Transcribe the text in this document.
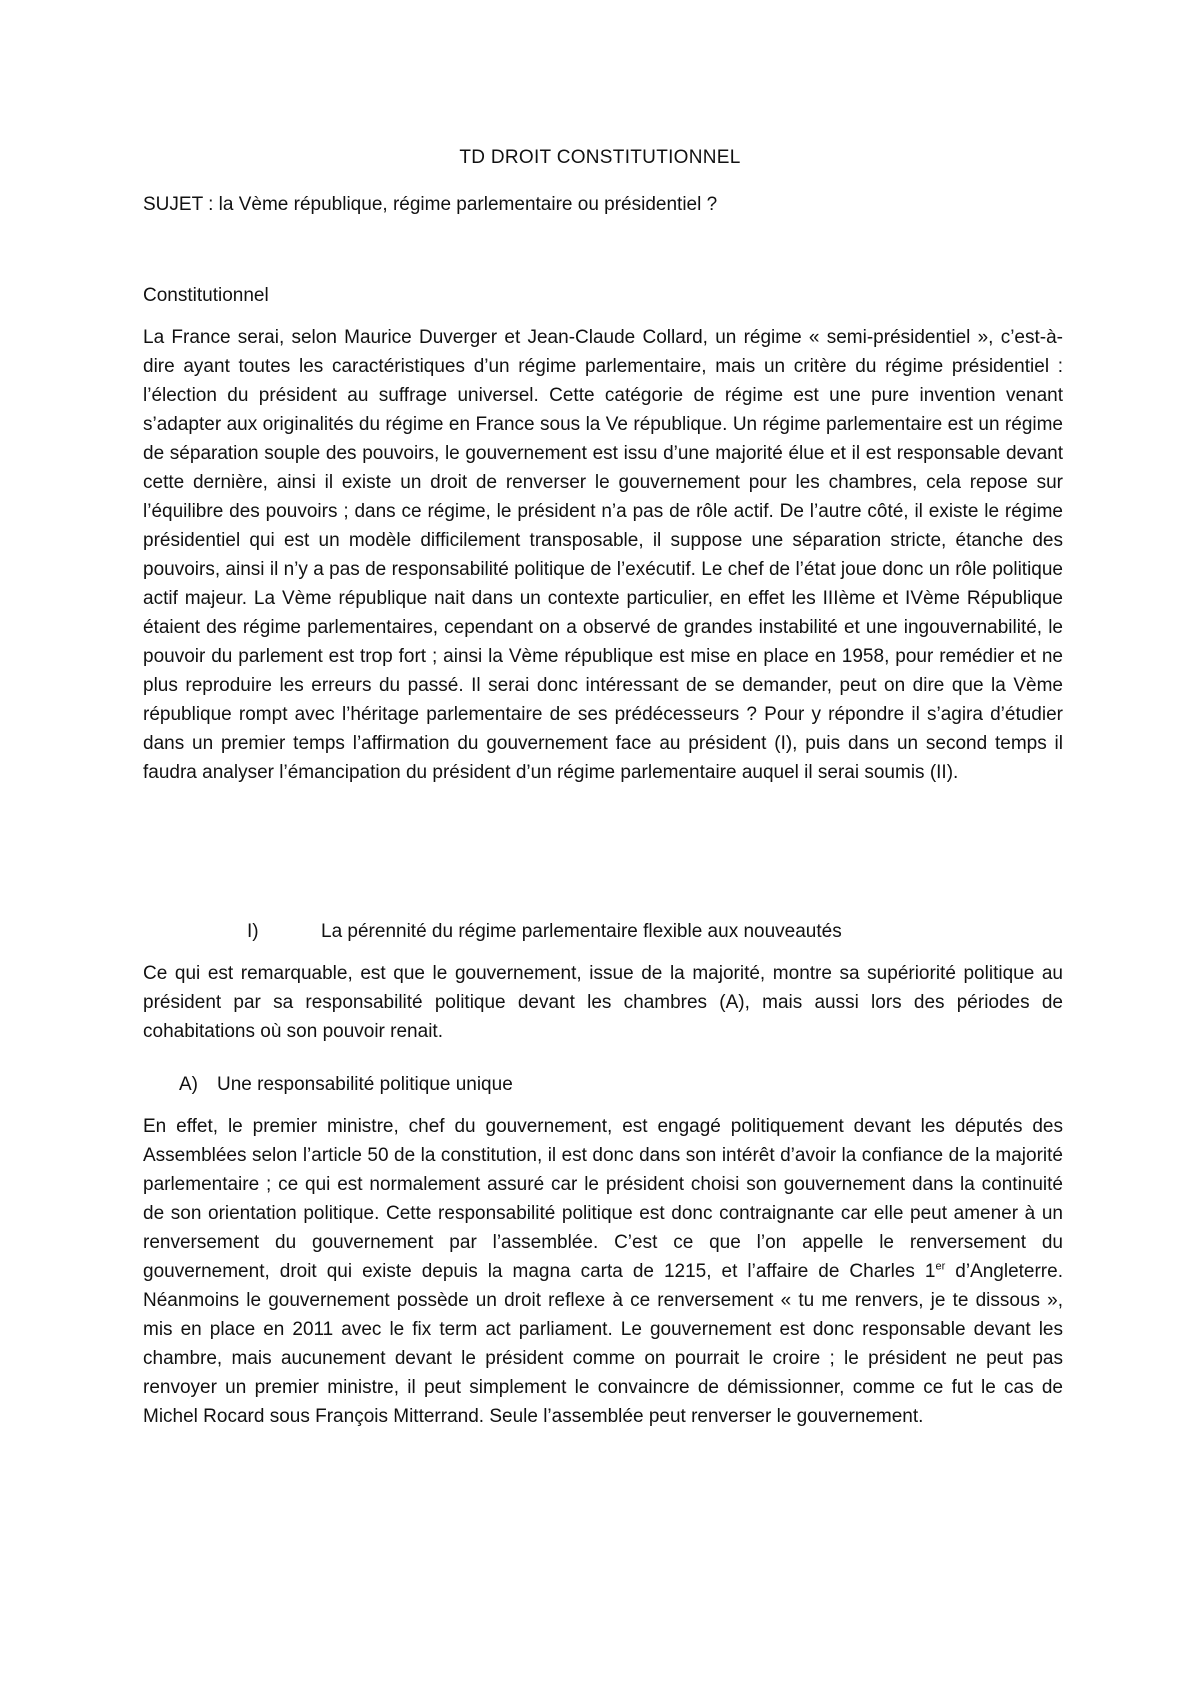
TD DROIT CONSTITUTIONNEL
SUJET : la Vème république, régime parlementaire ou présidentiel ?
Constitutionnel

La France serai, selon Maurice Duverger et Jean-Claude Collard, un régime « semi-présidentiel », c’est-à-dire ayant toutes les caractéristiques d’un régime parlementaire, mais un critère du régime présidentiel : l’élection du président au suffrage universel. Cette catégorie de régime est une pure invention venant s’adapter aux originalités du régime en France sous la Ve république. Un régime parlementaire est un régime de séparation souple des pouvoirs, le gouvernement est issu d’une majorité élue et il est responsable devant cette dernière, ainsi il existe un droit de renverser le gouvernement pour les chambres, cela repose sur l’équilibre des pouvoirs ; dans ce régime, le président n’a pas de rôle actif. De l’autre côté, il existe le régime présidentiel qui est un modèle difficilement transposable, il suppose une séparation stricte, étanche des pouvoirs, ainsi il n’y a pas de responsabilité politique de l’exécutif. Le chef de l’état joue donc un rôle politique actif majeur. La Vème république nait dans un contexte particulier, en effet les IIIème et IVème République étaient des régime parlementaires, cependant on a observé de grandes instabilité et une ingouvernabilité, le pouvoir du parlement est trop fort ; ainsi la Vème république est mise en place en 1958, pour remédier et ne plus reproduire les erreurs du passé. Il serai donc intéressant de se demander, peut on dire que la Vème république rompt avec l’héritage parlementaire de ses prédécesseurs ? Pour y répondre il s’agira d’étudier dans un premier temps l’affirmation du gouvernement face au président (I), puis dans un second temps il faudra analyser l’émancipation du président d’un régime parlementaire auquel il serai soumis (II).

I)	La pérennité du régime parlementaire flexible aux nouveautés

Ce qui est remarquable, est que le gouvernement, issue de la majorité, montre sa supériorité politique au président par sa responsabilité politique devant les chambres (A), mais aussi lors des périodes de cohabitations où son pouvoir renait.

A) Une responsabilité politique unique

En effet, le premier ministre, chef du gouvernement, est engagé politiquement devant les députés des Assemblées selon l’article 50 de la constitution, il est donc dans son intérêt d’avoir la confiance de la majorité parlementaire ; ce qui est normalement assuré car le président choisi son gouvernement dans la continuité de son orientation politique. Cette responsabilité politique est donc contraignante car elle peut amener à un renversement du gouvernement par l’assemblée. C’est ce que l’on appelle le renversement du gouvernement, droit qui existe depuis la magna carta de 1215, et l’affaire de Charles 1er d’Angleterre. Néanmoins le gouvernement possède un droit reflexe à ce renversement « tu me renvers, je te dissous », mis en place en 2011 avec le fix term act parliament. Le gouvernement est donc responsable devant les chambre, mais aucunement devant le président comme on pourrait le croire ; le président ne peut pas renvoyer un premier ministre, il peut simplement le convaincre de démissionner, comme ce fut le cas de Michel Rocard sous François Mitterrand. Seule l’assemblée peut renverser le gouvernement.
